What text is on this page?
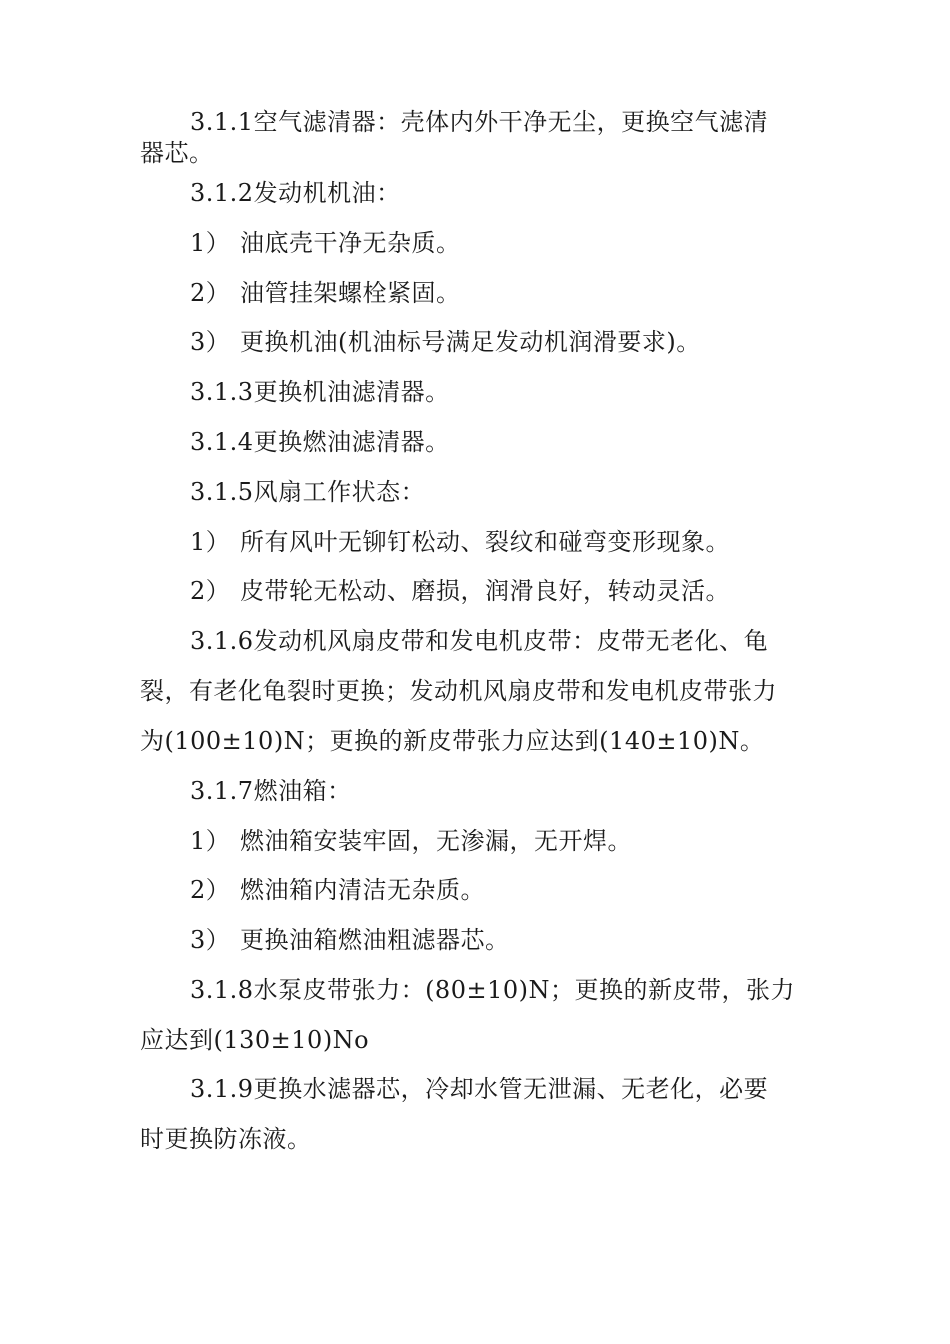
3.1.1空气滤清器：壳体内外干净无尘，更换空气滤清
器芯。
3.1.2发动机机油：
1） 油底壳干净无杂质。
2） 油管挂架螺栓紧固。
3） 更换机油(机油标号满足发动机润滑要求)。
3.1.3更换机油滤清器。
3.1.4更换燃油滤清器。
3.1.5风扇工作状态：
1） 所有风叶无铆钉松动、裂纹和碰弯变形现象。
2） 皮带轮无松动、磨损，润滑良好，转动灵活。
3.1.6发动机风扇皮带和发电机皮带：皮带无老化、龟
裂，有老化龟裂时更换；发动机风扇皮带和发电机皮带张力
为(100±10)N；更换的新皮带张力应达到(140±10)N。
3.1.7燃油箱：
1） 燃油箱安装牢固，无渗漏，无开焊。
2） 燃油箱内清洁无杂质。
3） 更换油箱燃油粗滤器芯。
3.1.8水泵皮带张力：(80±10)N；更换的新皮带，张力
应达到(130±10)No
3.1.9更换水滤器芯，冷却水管无泄漏、无老化，必要
时更换防冻液。
